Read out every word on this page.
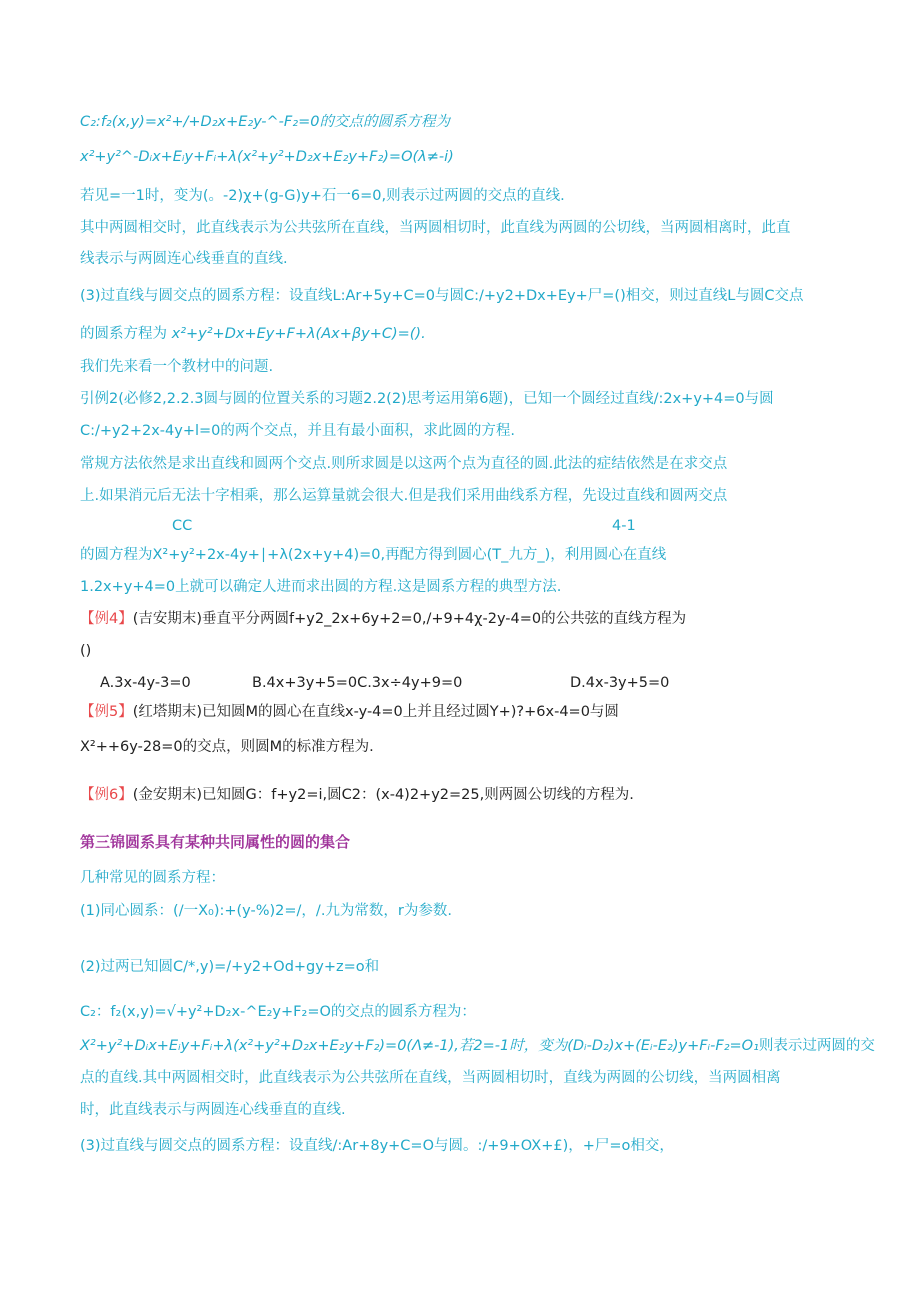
C₂:f₂(x,y)=x²+/+D₂x+E₂y-^-F₂=0的交点的圆系方程为
x²+y²^-Dᵢx+Eᵢy+Fᵢ+λ(x²+y²+D₂x+E₂y+F₂)=O(λ≠-i)
若见=一1时，变为(。-2)χ+(g-G)y+石一6=0,则表示过两圆的交点的直线.
其中两圆相交时，此直线表示为公共弦所在直线，当两圆相切时，此直线为两圆的公切线，当两圆相离时，此直
线表示与两圆连心线垂直的直线.
(3)过直线与圆交点的圆系方程：设直线L:Ar+5y+C=0与圆C:/+y2+Dx+Ey+尸=()相交，则过直线L与圆C交点
的圆系方程为 x²+y²+Dx+Ey+F+λ(Ax+βy+C)=().
我们先来看一个教材中的问题.
引例2(必修2,2.2.3圆与圆的位置关系的习题2.2(2)思考运用第6题)，已知一个圆经过直线/:2x+y+4=0与圆
C:/+y2+2x-4y+l=0的两个交点，并且有最小面积，求此圆的方程.
常规方法依然是求出直线和圆两个交点.则所求圆是以这两个点为直径的圆.此法的症结依然是在求交点
上.如果消元后无法十字相乘，那么运算量就会很大.但是我们采用曲线系方程，先设过直线和圆两交点
CC	4-1
的圆方程为X²+y²+2x-4y+∣+λ(2x+y+4)=0,再配方得到圆心(T_九方_)，利用圆心在直线
1.2x+y+4=0上就可以确定人进而求出圆的方程.这是圆系方程的典型方法.
【例4】(吉安期末)垂直平分两圆f+y2_2x+6y+2=0,/+9+4χ-2y-4=0的公共弦的直线方程为
()
A.3x-4y-3=0	B.4x+3y+5=0C.3x÷4y+9=0	D.4x-3y+5=0
【例5】(红塔期末)已知圆M的圆心在直线x-y-4=0上并且经过圆Y+)?+6x-4=0与圆
X²++6y-28=0的交点，则圆M的标准方程为.
【例6】(金安期末)已知圆G：f+y2=i,圆C2：(x-4)2+y2=25,则两圆公切线的方程为.
第三锦圆系具有某种共同属性的圆的集合
几种常见的圆系方程：
(1)同心圆系：(/一X₀):+(y-%)2=/，/.九为常数，r为参数.
(2)过两已知圆C∕*,y)=∕+y2+Od+gy+z=o和
C₂：f₂(x,y)=√+y²+D₂x-^E₂y+F₂=O的交点的圆系方程为：
X²+y²+Dᵢx+Eᵢy+Fᵢ+λ(x²+y²+D₂x+E₂y+F₂)=0(Λ≠-1),若2=-1时，变为(Dᵢ-D₂)x+(Eᵢ-E₂)y+Fᵢ-F₂=O₁则表示过两圆的交
点的直线.其中两圆相交时，此直线表示为公共弦所在直线，当两圆相切时，直线为两圆的公切线，当两圆相离
时，此直线表示与两圆连心线垂直的直线.
(3)过直线与圆交点的圆系方程：设直线/:Ar+8y+C=O与圆。:/+9+OX+£)，+尸=o相交，
